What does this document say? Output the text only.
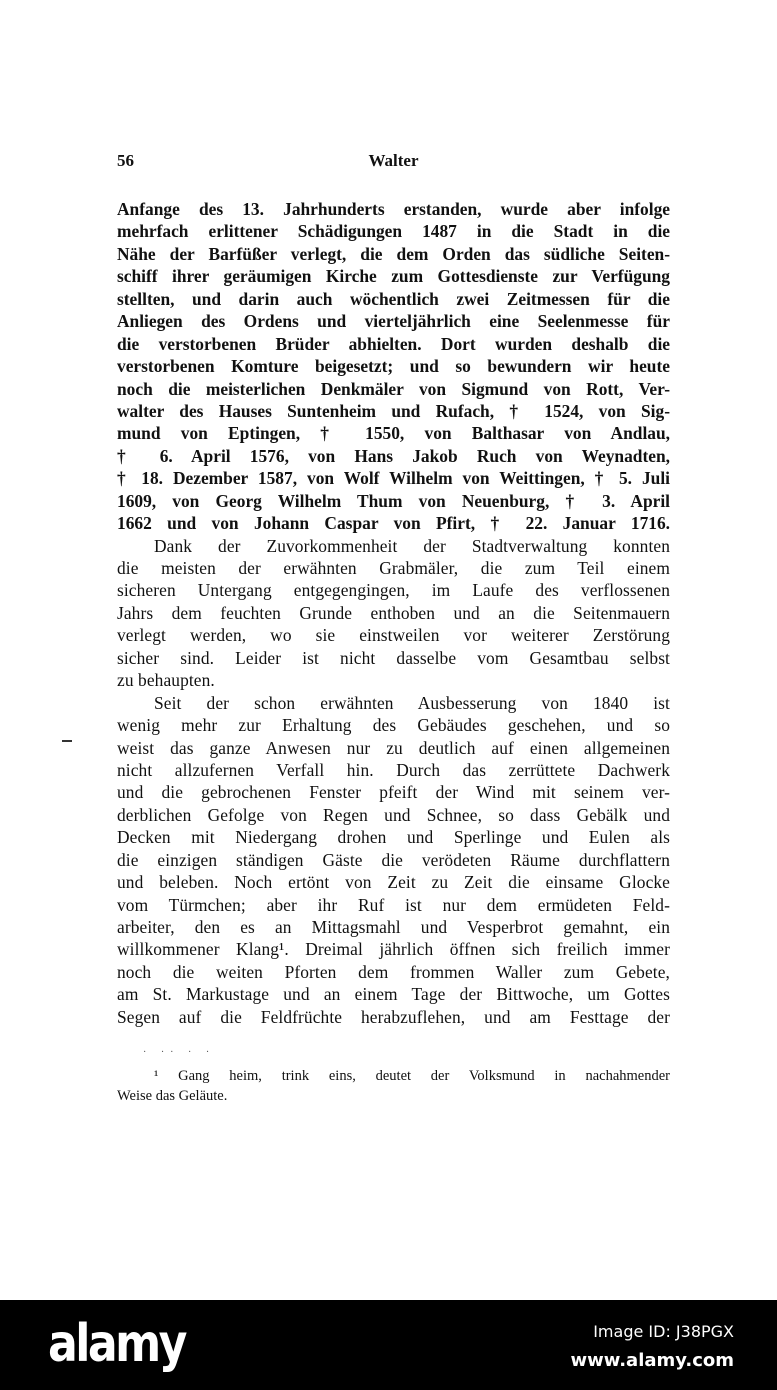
56	Walter
Anfange des 13. Jahrhunderts erstanden, wurde aber infolge
mehrfach erlittener Schädigungen 1487 in die Stadt in die
Nähe der Barfüßer verlegt, die dem Orden das südliche Seiten-
schiff ihrer geräumigen Kirche zum Gottesdienste zur Verfügung
stellten, und darin auch wöchentlich zwei Zeitmessen für die
Anliegen des Ordens und vierteljährlich eine Seelenmesse für
die verstorbenen Brüder abhielten. Dort wurden deshalb die
verstorbenen Komture beigesetzt; und so bewundern wir heute
noch die meisterlichen Denkmäler von Sigmund von Rott, Ver-
walter des Hauses Suntenheim und Rufach, † 1524, von Sig-
mund von Eptingen, † 1550, von Balthasar von Andlau,
† 6. April 1576, von Hans Jakob Ruch von Weynadten,
† 18. Dezember 1587, von Wolf Wilhelm von Weittingen, † 5. Juli
1609, von Georg Wilhelm Thum von Neuenburg, † 3. April
1662 und von Johann Caspar von Pfirt, † 22. Januar 1716.
Dank der Zuvorkommenheit der Stadtverwaltung konnten
die meisten der erwähnten Grabmäler, die zum Teil einem
sicheren Untergang entgegengingen, im Laufe des verflossenen
Jahrs dem feuchten Grunde enthoben und an die Seitenmauern
verlegt werden, wo sie einstweilen vor weiterer Zerstörung
sicher sind. Leider ist nicht dasselbe vom Gesamtbau selbst
zu behaupten.
Seit der schon erwähnten Ausbesserung von 1840 ist
wenig mehr zur Erhaltung des Gebäudes geschehen, und so
weist das ganze Anwesen nur zu deutlich auf einen allgemeinen
nicht allzufernen Verfall hin. Durch das zerrüttete Dachwerk
und die gebrochenen Fenster pfeift der Wind mit seinem ver-
derblichen Gefolge von Regen und Schnee, so dass Gebälk und
Decken mit Niedergang drohen und Sperlinge und Eulen als
die einzigen ständigen Gäste die verödeten Räume durchflattern
und beleben. Noch ertönt von Zeit zu Zeit die einsame Glocke
vom Türmchen; aber ihr Ruf ist nur dem ermüdeten Feld-
arbeiter, den es an Mittagsmahl und Vesperbrot gemahnt, ein
willkommener Klang¹. Dreimal jährlich öffnen sich freilich immer
noch die weiten Pforten dem frommen Waller zum Gebete,
am St. Markustage und an einem Tage der Bittwoche, um Gottes
Segen auf die Feldfrüchte herabzuflehen, und am Festtage der
· ·· · ·
¹ Gang heim, trink eins, deutet der Volksmund in nachahmender
Weise das Geläute.
alamy	Image ID: J38PGX
www.alamy.com
